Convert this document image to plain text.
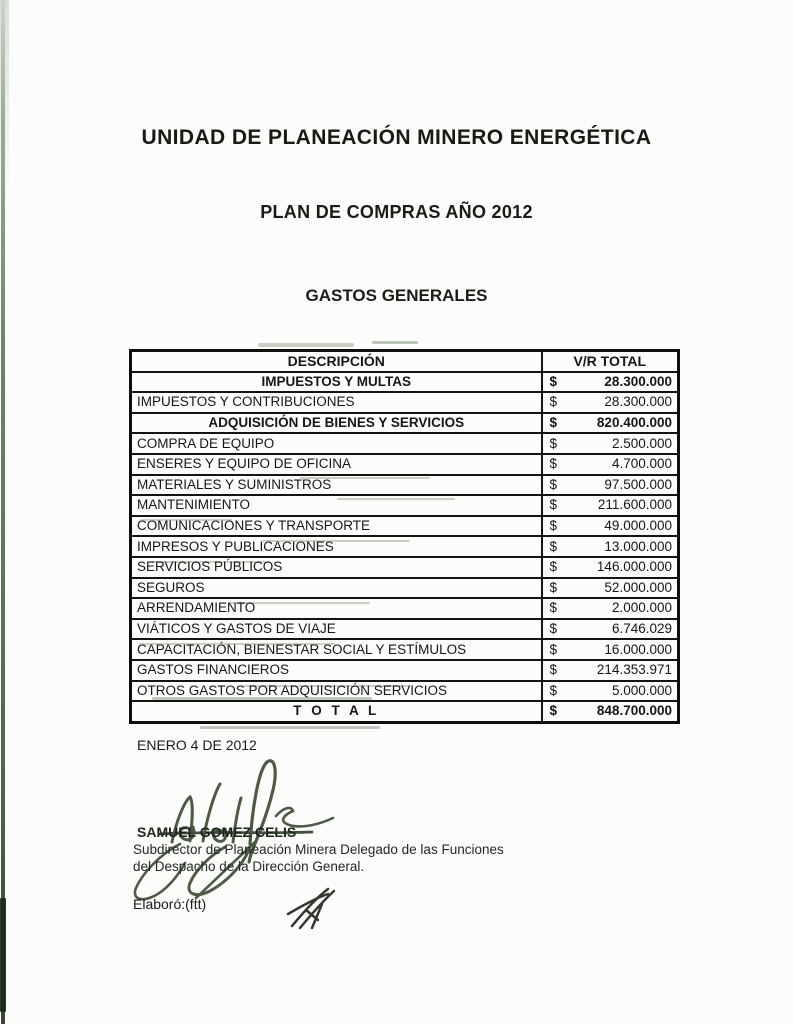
UNIDAD DE PLANEACIÓN MINERO ENERGÉTICA
PLAN DE COMPRAS AÑO 2012
GASTOS GENERALES
DESCRIPCIÓN	V/R TOTAL
IMPUESTOS Y MULTAS	$ 28.300.000

IMPUESTOS Y CONTRIBUCIONES	$ 28.300.000

ADQUISICIÓN DE BIENES Y SERVICIOS	$ 820.400.000

COMPRA DE EQUIPO	$ 2.500.000

ENSERES Y EQUIPO DE OFICINA	$ 4.700.000

MATERIALES Y SUMINISTROS	$ 97.500.000

MANTENIMIENTO	$ 211.600.000

COMUNICACIONES Y TRANSPORTE	$ 49.000.000

IMPRESOS Y PUBLICACIONES	$ 13.000.000

SERVICIOS PÚBLICOS	$ 146.000.000

SEGUROS	$ 52.000.000

ARRENDAMIENTO	$ 2.000.000

VIÁTICOS Y GASTOS DE VIAJE	$ 6.746.029

CAPACITACIÓN, BIENESTAR SOCIAL Y ESTÍMULOS	$ 16.000.000

GASTOS FINANCIEROS	$ 214.353.971

OTROS GASTOS POR ADQUISICIÓN SERVICIOS	$ 5.000.000

T O T A L	$ 848.700.000
ENERO 4 DE 2012
SAMUEL GOMEZ CELIS
Subdirector de Planeación Minera Delegado de las Funciones
del Despacho de la Dirección General.
Elaboró:(ftt)
